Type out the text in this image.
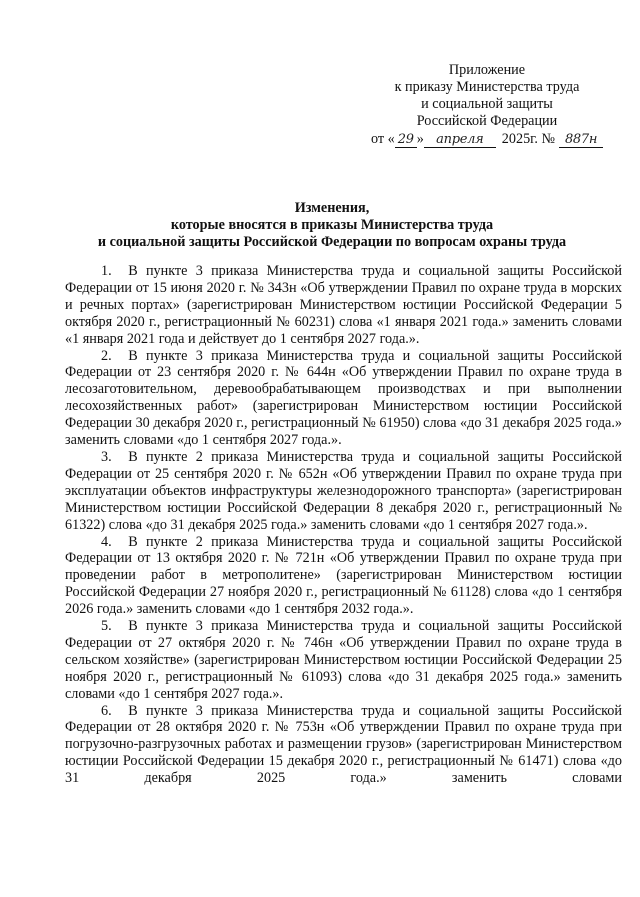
Приложение
к приказу Министерства труда
и социальной защиты
Российской Федерации
от « 29 » апреля	2025 г. № 887н
Изменения,
которые вносятся в приказы Министерства труда
и социальной защиты Российской Федерации по вопросам охраны труда

1. В пункте 3 приказа Министерства труда и социальной защиты Российской Федерации от 15 июня 2020 г. № 343н «Об утверждении Правил по охране труда в морских и речных портах» (зарегистрирован Министерством юстиции Российской Федерации 5 октября 2020 г., регистрационный № 60231) слова «1 января 2021 года.» заменить словами «1 января 2021 года и действует до 1 сентября 2027 года.».

2. В пункте 3 приказа Министерства труда и социальной защиты Российской Федерации от 23 сентября 2020 г. № 644н «Об утверждении Правил по охране труда в лесозаготовительном, деревообрабатывающем производствах и при выполнении лесохозяйственных работ» (зарегистрирован Министерством юстиции Российской Федерации 30 декабря 2020 г., регистрационный № 61950) слова «до 31 декабря 2025 года.» заменить словами «до 1 сентября 2027 года.».

3. В пункте 2 приказа Министерства труда и социальной защиты Российской Федерации от 25 сентября 2020 г. № 652н «Об утверждении Правил по охране труда при эксплуатации объектов инфраструктуры железнодорожного транспорта» (зарегистрирован Министерством юстиции Российской Федерации 8 декабря 2020 г., регистрационный № 61322) слова «до 31 декабря 2025 года.» заменить словами «до 1 сентября 2027 года.».

4. В пункте 2 приказа Министерства труда и социальной защиты Российской Федерации от 13 октября 2020 г. № 721н «Об утверждении Правил по охране труда при проведении работ в метрополитене» (зарегистрирован Министерством юстиции Российской Федерации 27 ноября 2020 г., регистрационный № 61128) слова «до 1 сентября 2026 года.» заменить словами «до 1 сентября 2032 года.».

5. В пункте 3 приказа Министерства труда и социальной защиты Российской Федерации от 27 октября 2020 г. № 746н «Об утверждении Правил по охране труда в сельском хозяйстве» (зарегистрирован Министерством юстиции Российской Федерации 25 ноября 2020 г., регистрационный № 61093) слова «до 31 декабря 2025 года.» заменить словами «до 1 сентября 2027 года.».

6. В пункте 3 приказа Министерства труда и социальной защиты Российской Федерации от 28 октября 2020 г. № 753н «Об утверждении Правил по охране труда при погрузочно-разгрузочных работах и размещении грузов» (зарегистрирован Министерством юстиции Российской Федерации 15 декабря 2020 г., регистрационный № 61471) слова «до 31 декабря 2025 года.» заменить словами
